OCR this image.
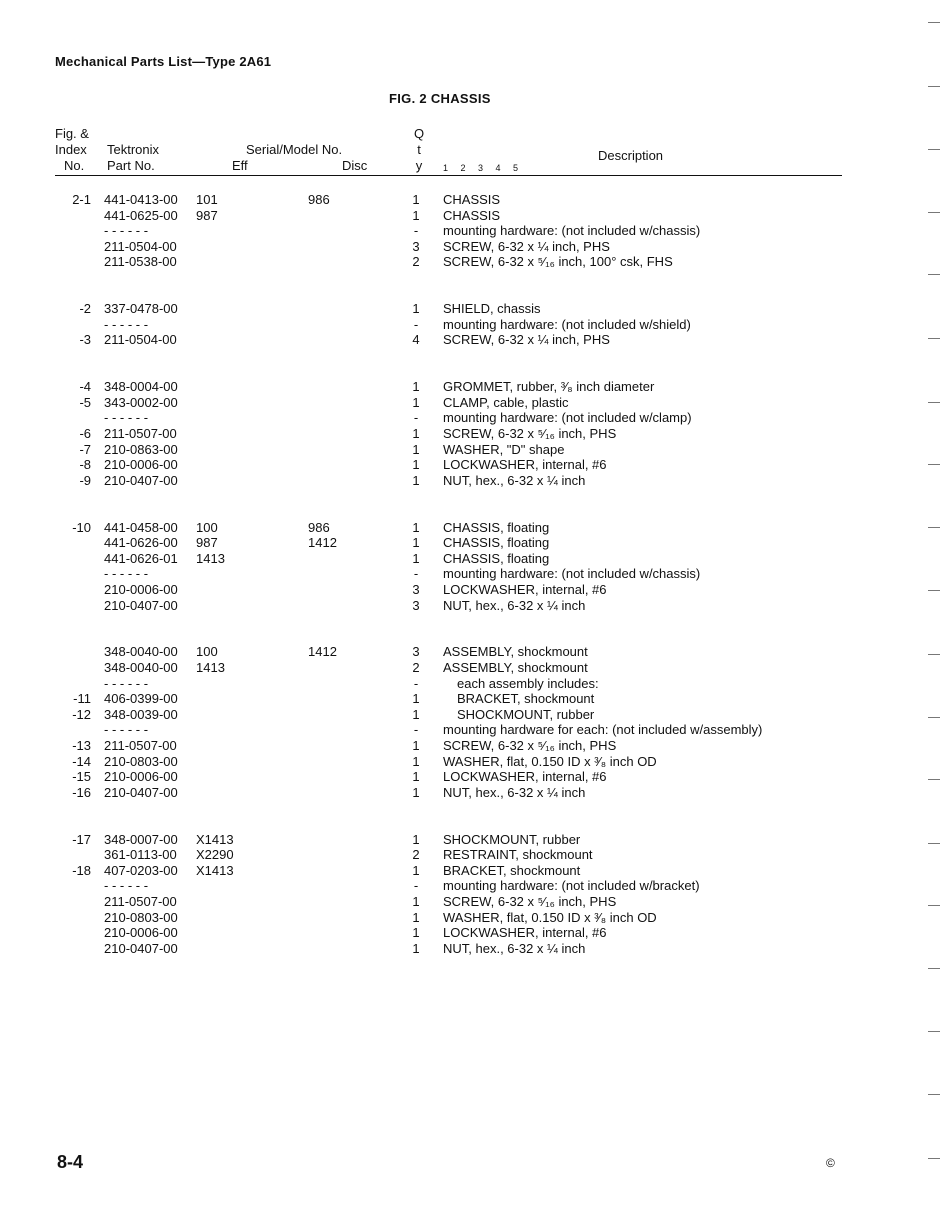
Mechanical Parts List—Type 2A61
FIG. 2 CHASSIS
Fig. &
Index
No.
Tektronix
Part No.
Serial/Model No.
Eff	Disc
Q
t
y
Description
1 2 3 4 5
2-1 441-0413-00 101	986	1 CHASSIS
441-0625-00 987	1 CHASSIS
- - - - - -	-	mounting hardware: (not included w/chassis)
211-0504-00	3 SCREW, 6-32 x ¼ inch, PHS
211-0538-00	2 SCREW, 6-32 x ⁵⁄₁₆ inch, 100° csk, FHS
-2 337-0478-00	1 SHIELD, chassis
- - - - - -	-	mounting hardware: (not included w/shield)
-3 211-0504-00	4 SCREW, 6-32 x ¼ inch, PHS
-4 348-0004-00	1 GROMMET, rubber, ³⁄₈ inch diameter
-5 343-0002-00	1 CLAMP, cable, plastic
- - - - - -	-	mounting hardware: (not included w/clamp)
-6 211-0507-00	1 SCREW, 6-32 x ⁵⁄₁₆ inch, PHS
-7 210-0863-00	1 WASHER, "D" shape
-8 210-0006-00	1 LOCKWASHER, internal, #6
-9 210-0407-00	1 NUT, hex., 6-32 x ¼ inch
-10 441-0458-00 100	986	1 CHASSIS, floating
441-0626-00 987	1412	1 CHASSIS, floating
441-0626-01 1413	1 CHASSIS, floating
- - - - - -	-	mounting hardware: (not included w/chassis)
210-0006-00	3 LOCKWASHER, internal, #6
210-0407-00	3 NUT, hex., 6-32 x ¼ inch
348-0040-00 100	1412	3 ASSEMBLY, shockmount
348-0040-00 1413	2 ASSEMBLY, shockmount
- - - - - -	-	each assembly includes:
-11 406-0399-00	1	BRACKET, shockmount
-12 348-0039-00	1	SHOCKMOUNT, rubber
- - - - - -	-	mounting hardware for each: (not included w/assembly)
-13 211-0507-00	1 SCREW, 6-32 x ⁵⁄₁₆ inch, PHS
-14 210-0803-00	1 WASHER, flat, 0.150 ID x ³⁄₈ inch OD
-15 210-0006-00	1 LOCKWASHER, internal, #6
-16 210-0407-00	1 NUT, hex., 6-32 x ¼ inch
-17 348-0007-00 X1413	1 SHOCKMOUNT, rubber
361-0113-00 X2290	2 RESTRAINT, shockmount
-18 407-0203-00 X1413	1 BRACKET, shockmount
- - - - - -	-	mounting hardware: (not included w/bracket)
211-0507-00	1 SCREW, 6-32 x ⁵⁄₁₆ inch, PHS
210-0803-00	1 WASHER, flat, 0.150 ID x ³⁄₈ inch OD
210-0006-00	1 LOCKWASHER, internal, #6
210-0407-00	1 NUT, hex., 6-32 x ¼ inch
8-4	©
